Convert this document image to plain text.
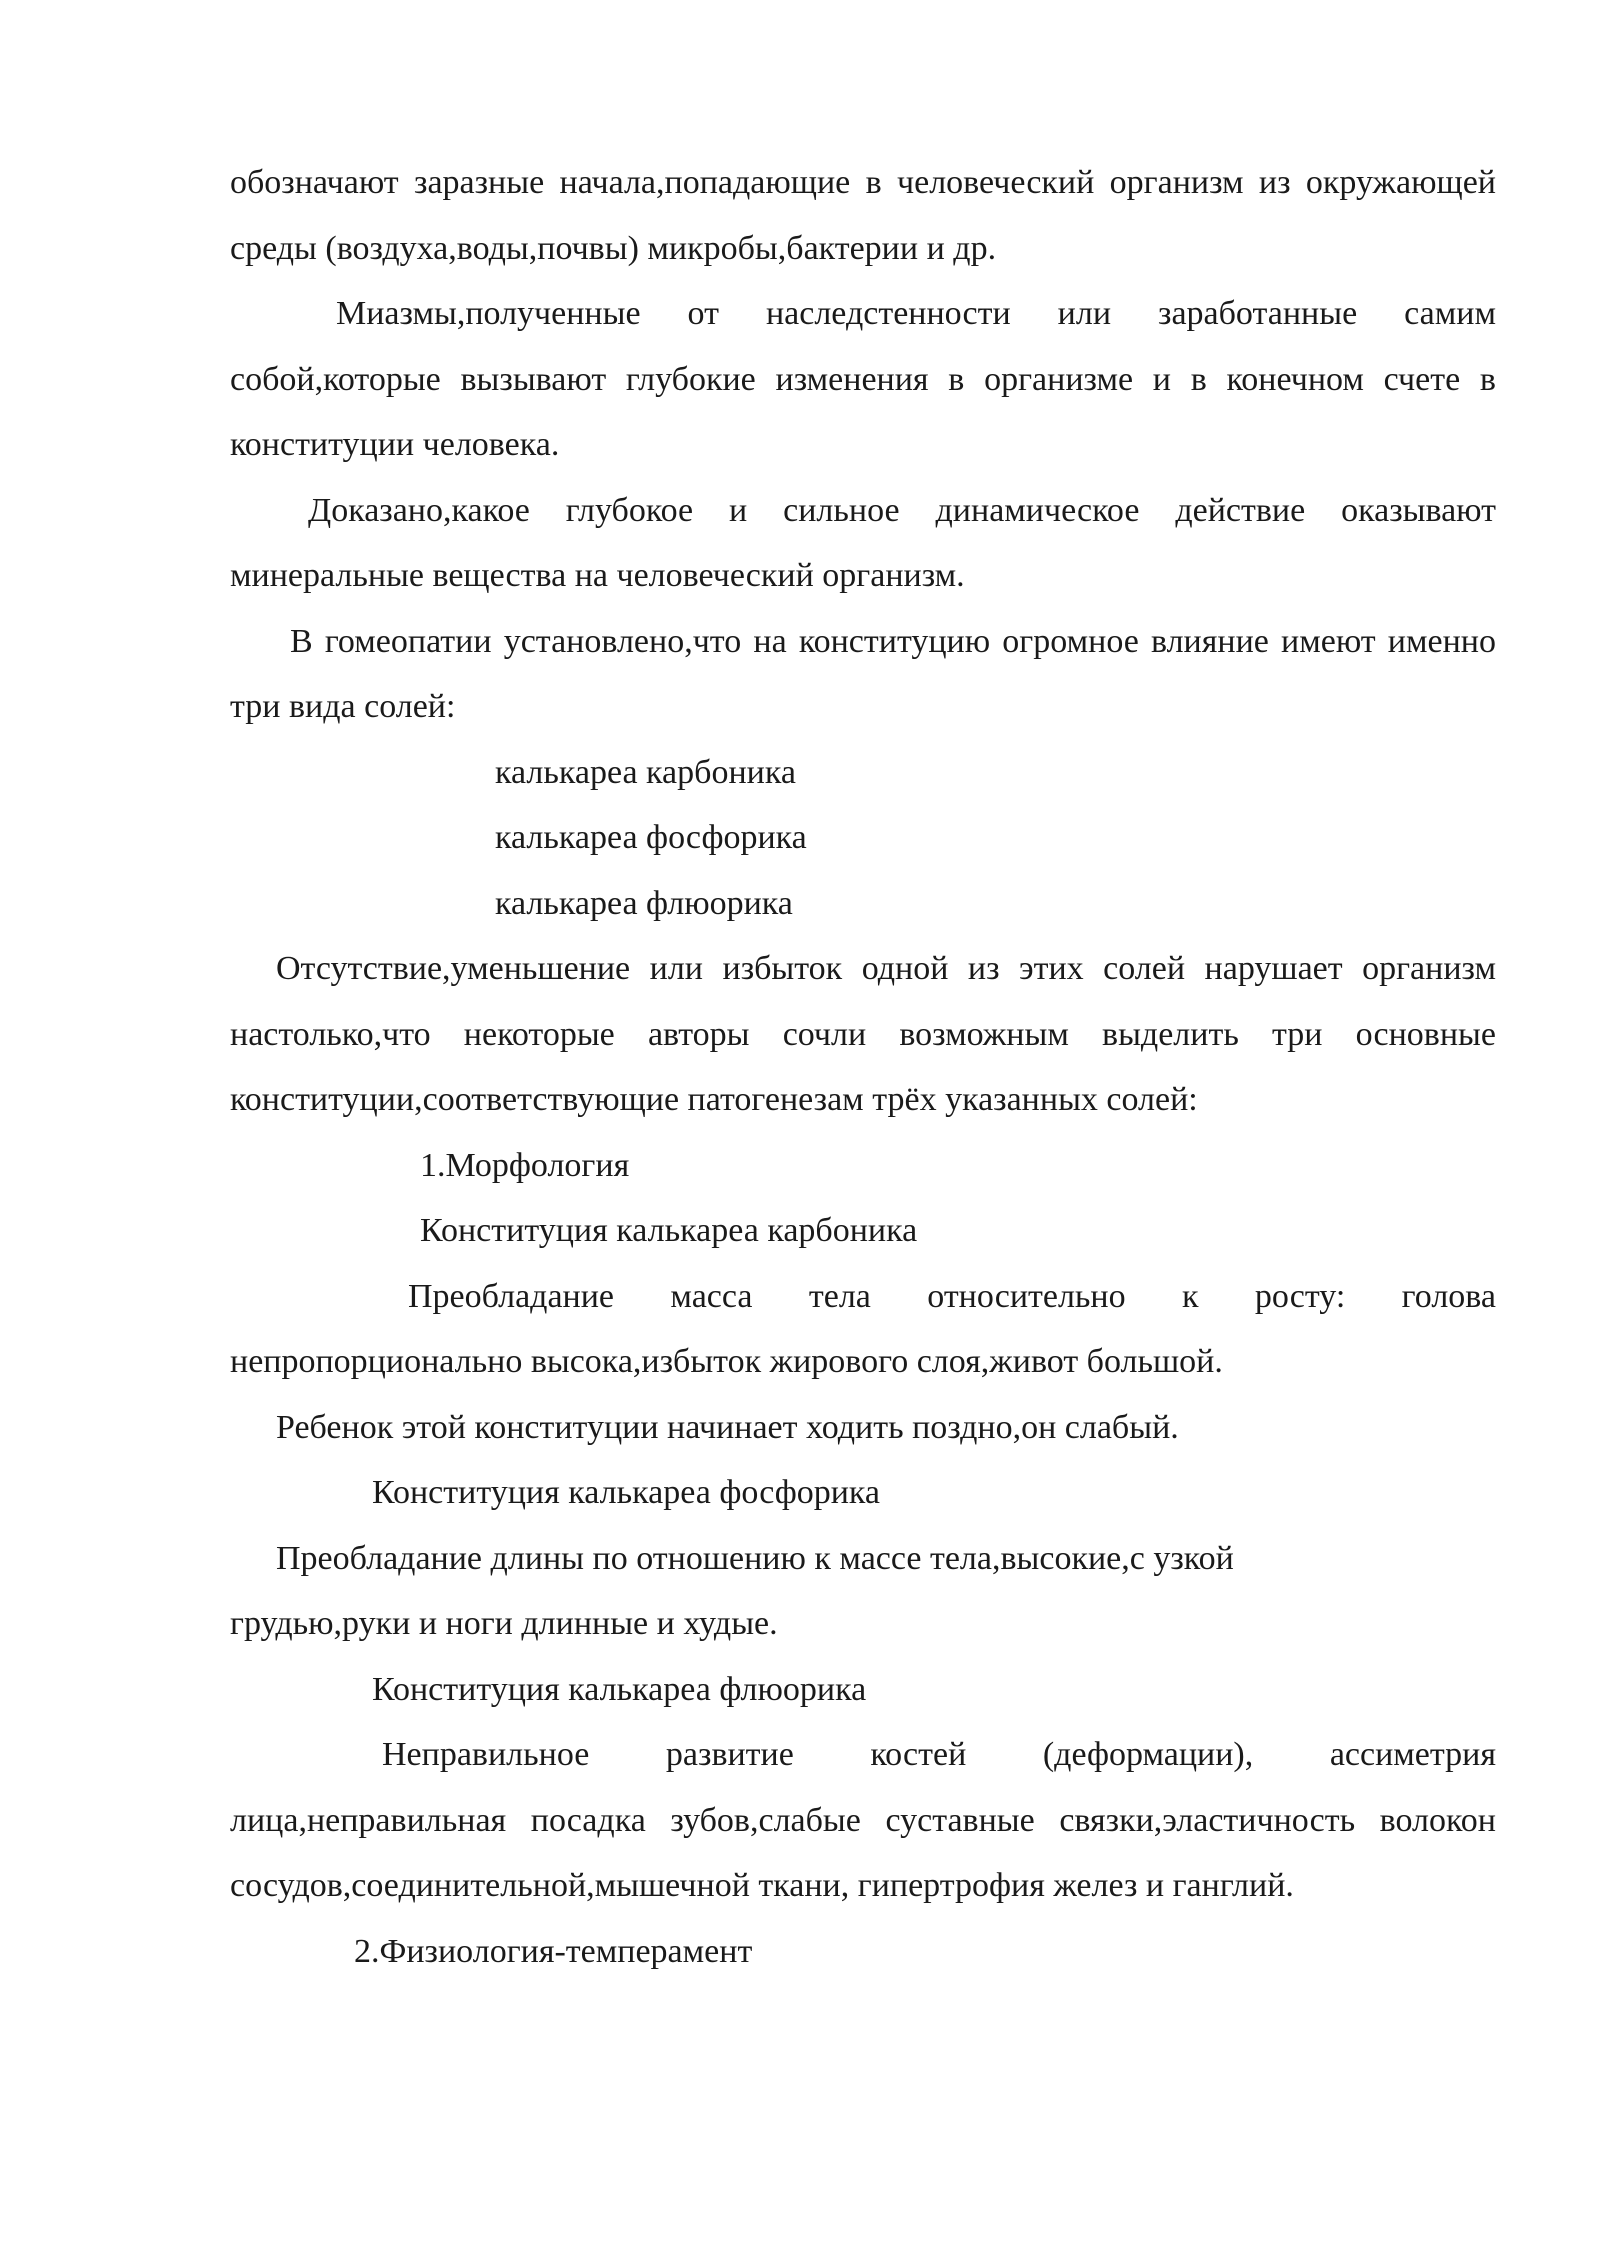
обозначают заразные начала,попадающие в человеческий организм из окружающей среды (воздуха,воды,почвы) микробы,бактерии и др.

Миазмы,полученные от наследстенности или заработанные самим собой,которые вызывают глубокие изменения в организме и в конечном счете в конституции человека.

Доказано,какое глубокое и сильное динамическое действие оказывают минеральные вещества на человеческий организм.

В гомеопатии установлено,что на конституцию огромное влияние имеют именно три вида солей:

калькареа карбоника

калькареа фосфорика

калькареа флюорика

Отсутствие,уменьшение или избыток одной из этих солей нарушает организм настолько,что некоторые авторы сочли возможным выделить три основные конституции,соответствующие патогенезам трёх указанных солей:

1.Морфология

Конституция калькареа карбоника

Преобладание масса тела относительно к росту: голова непропорционально высока,избыток жирового слоя,живот большой.

Ребенок этой конституции начинает ходить поздно,он слабый.

Конституция калькареа фосфорика

Преобладание длины по отношению к массе тела,высокие,с узкой грудью,руки и ноги длинные и худые.

Конституция калькареа флюорика

Неправильное развитие костей (деформации), ассиметрия лица,неправильная посадка зубов,слабые суставные связки,эластичность волокон сосудов,соединительной,мышечной ткани, гипертрофия желез и ганглий.

2.Физиология-темперамент
